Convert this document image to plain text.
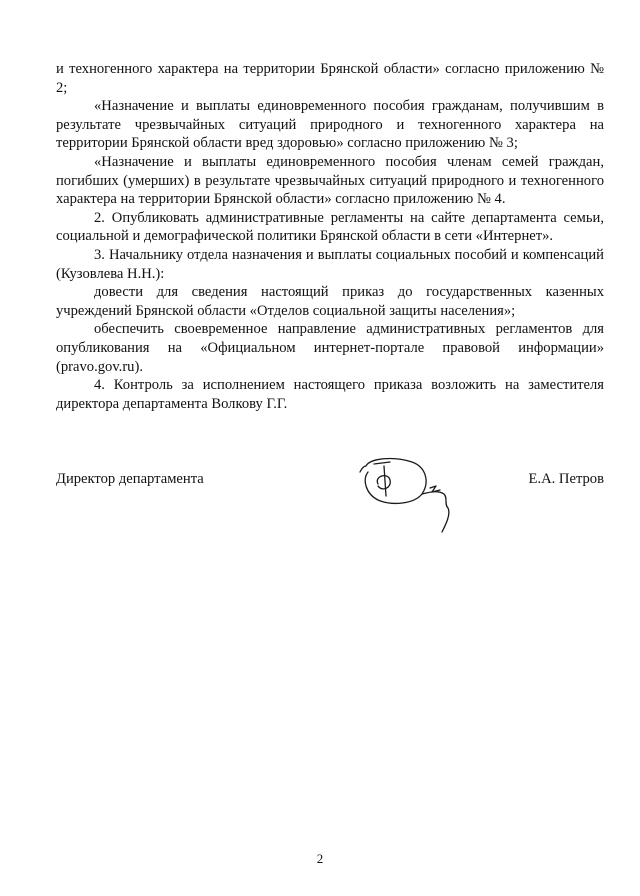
и техногенного характера на территории Брянской области» согласно приложению № 2;

«Назначение и выплаты единовременного пособия гражданам, получившим в результате чрезвычайных ситуаций природного и техногенного характера на территории Брянской области вред здоровью» согласно приложению № 3;

«Назначение и выплаты единовременного пособия членам семей граждан, погибших (умерших) в результате чрезвычайных ситуаций природного и техногенного характера на территории Брянской области» согласно приложению № 4.

2. Опубликовать административные регламенты на сайте департамента семьи, социальной и демографической политики Брянской области в сети «Интернет».

3. Начальнику отдела назначения и выплаты социальных пособий и компенсаций (Кузовлева Н.Н.):

довести для сведения настоящий приказ до государственных казенных учреждений Брянской области «Отделов социальной защиты населения»;

обеспечить своевременное направление административных регламентов для опубликования на «Официальном интернет-портале правовой информации» (pravo.gov.ru).

4. Контроль за исполнением настоящего приказа возложить на заместителя директора департамента Волкову Г.Г.

Директор департамента	Е.А. Петров
2
